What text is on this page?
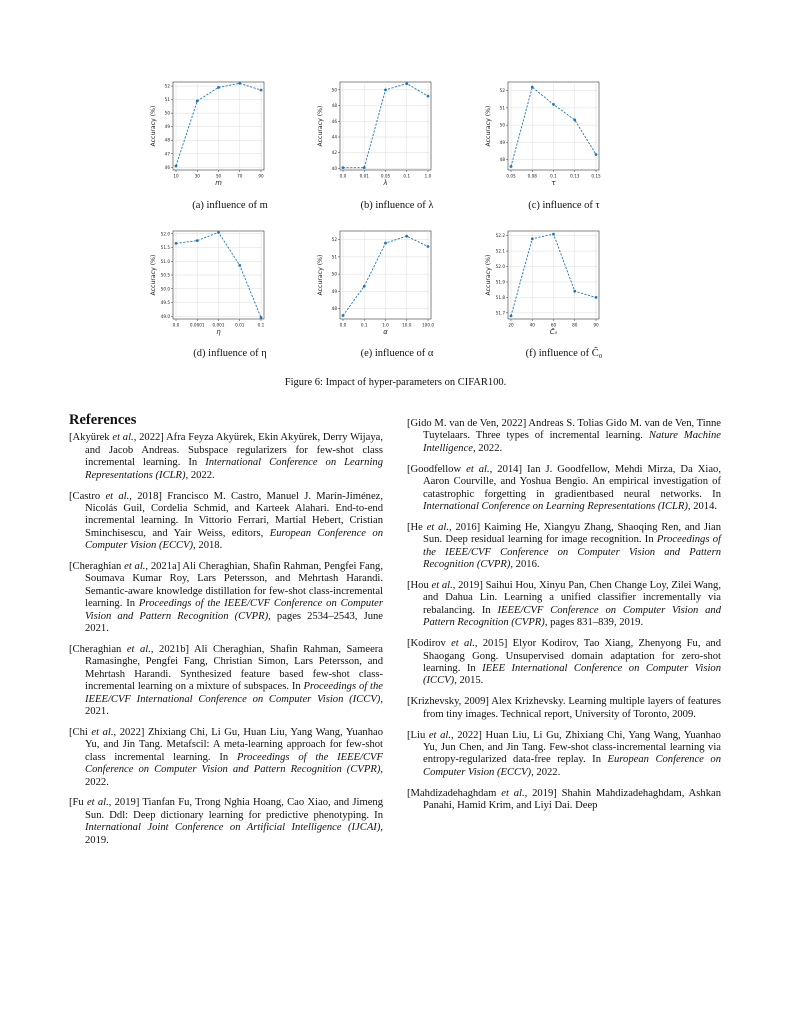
10	30	50	70	90
46
47
48
49
50
51
52
m
Accuracy (%)
0.0	0.01	0.05	0.1	1.0
40
42
44
46
48
50
λ
Accuracy (%)
0.05	0.08	0.1	0.13	0.15
48
49
50
51
52
τ
Accuracy (%)
0.0	0.0001 0.001	0.01	0.1
49.0
49.5
50.0
50.5
51.0
51.5
52.0
η
Accuracy (%)
0.0	0.1	1.0	10.0	100.0
48
49
50
51
52
α
Accuracy (%)
20	40	60	80	90
51.7
51.8
51.9
52.0
52.1
52.2
C̃₀
Accuracy (%)
(a) influence of m	(b) influence of λ	(c) influence of τ
(d) influence of η	(e) influence of α	(f) influence of C̃₀
Figure 6: Impact of hyper-parameters on CIFAR100.
References
[Akyürek et al., 2022] Afra Feyza Akyürek, Ekin Akyürek, Derry Wijaya, and Jacob Andreas. Subspace regularizers for few-shot class incremental learning. In International Conference on Learning Representations (ICLR), 2022.
[Castro et al., 2018] Francisco M. Castro, Manuel J. Marín-Jiménez, Nicolás Guil, Cordelia Schmid, and Karteek Alahari. End-to-end incremental learning. In Vittorio Ferrari, Martial Hebert, Cristian Sminchisescu, and Yair Weiss, editors, European Conference on Computer Vision (ECCV), 2018.
[Cheraghian et al., 2021a] Ali Cheraghian, Shafin Rahman, Pengfei Fang, Soumava Kumar Roy, Lars Petersson, and Mehrtash Harandi. Semantic-aware knowledge distillation for few-shot class-incremental learning. In Proceedings of the IEEE/CVF Conference on Computer Vision and Pattern Recognition (CVPR), pages 2534–2543, June 2021.
[Cheraghian et al., 2021b] Ali Cheraghian, Shafin Rahman, Sameera Ramasinghe, Pengfei Fang, Christian Simon, Lars Petersson, and Mehrtash Harandi. Synthesized feature based few-shot class-incremental learning on a mixture of subspaces. In Proceedings of the IEEE/CVF International Conference on Computer Vision (ICCV), 2021.
[Chi et al., 2022] Zhixiang Chi, Li Gu, Huan Liu, Yang Wang, Yuanhao Yu, and Jin Tang. Metafscil: A meta-learning approach for few-shot class incremental learning. In Proceedings of the IEEE/CVF Conference on Computer Vision and Pattern Recognition (CVPR), 2022.
[Fu et al., 2019] Tianfan Fu, Trong Nghia Hoang, Cao Xiao, and Jimeng Sun. Ddl: Deep dictionary learning for predictive phenotyping. In International Joint Conference on Artificial Intelligence (IJCAI), 2019.
[Gido M. van de Ven, 2022] Andreas S. Tolias Gido M. van de Ven, Tinne Tuytelaars. Three types of incremental learning. Nature Machine Intelligence, 2022.
[Goodfellow et al., 2014] Ian J. Goodfellow, Mehdi Mirza, Da Xiao, Aaron Courville, and Yoshua Bengio. An empirical investigation of catastrophic forgetting in gradientbased neural networks. In International Conference on Learning Representations (ICLR), 2014.
[He et al., 2016] Kaiming He, Xiangyu Zhang, Shaoqing Ren, and Jian Sun. Deep residual learning for image recognition. In Proceedings of the IEEE/CVF Conference on Computer Vision and Pattern Recognition (CVPR), 2016.
[Hou et al., 2019] Saihui Hou, Xinyu Pan, Chen Change Loy, Zilei Wang, and Dahua Lin. Learning a unified classifier incrementally via rebalancing. In IEEE/CVF Conference on Computer Vision and Pattern Recognition (CVPR), pages 831–839, 2019.
[Kodirov et al., 2015] Elyor Kodirov, Tao Xiang, Zhenyong Fu, and Shaogang Gong. Unsupervised domain adaptation for zero-shot learning. In IEEE International Conference on Computer Vision (ICCV), 2015.
[Krizhevsky, 2009] Alex Krizhevsky. Learning multiple layers of features from tiny images. Technical report, University of Toronto, 2009.
[Liu et al., 2022] Huan Liu, Li Gu, Zhixiang Chi, Yang Wang, Yuanhao Yu, Jun Chen, and Jin Tang. Few-shot class-incremental learning via entropy-regularized data-free replay. In European Conference on Computer Vision (ECCV), 2022.
[Mahdizadehaghdam et al., 2019] Shahin Mahdizadehaghdam, Ashkan Panahi, Hamid Krim, and Liyi Dai. Deep
